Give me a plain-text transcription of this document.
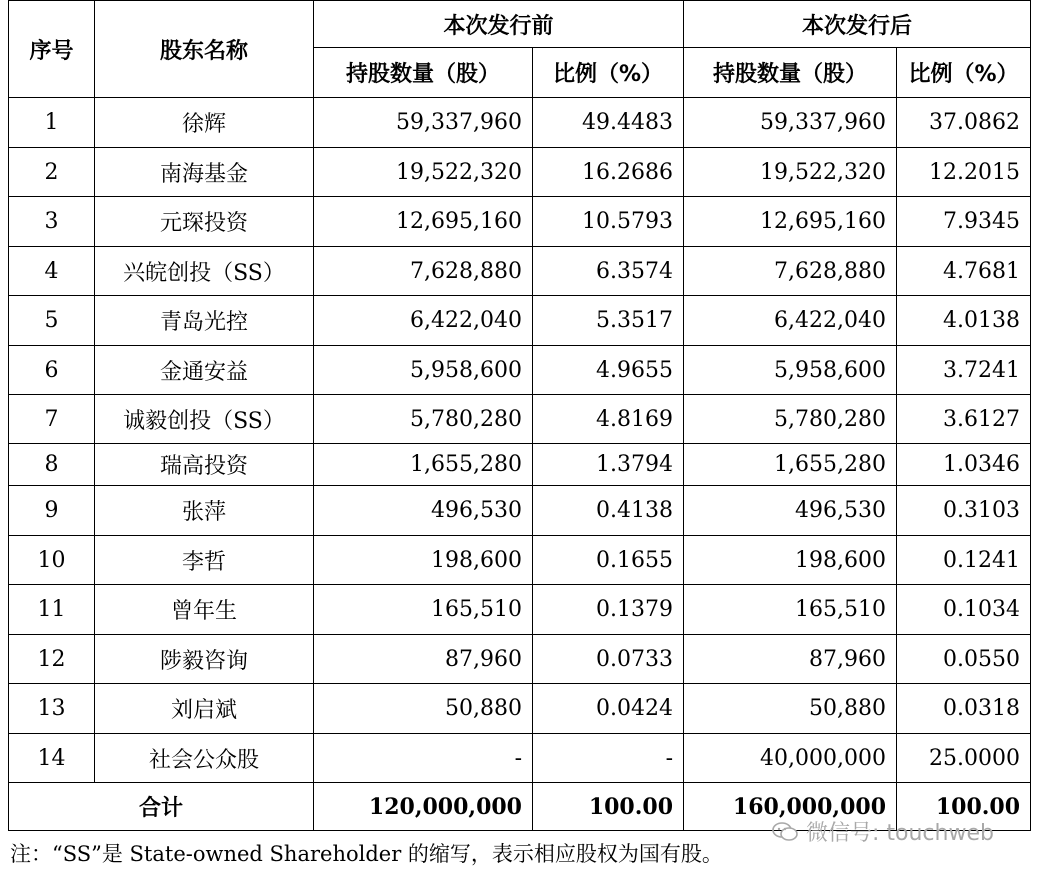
序号	股东名称	本次发行前		本次发行后	
		持股数量（股）	比例（%）	持股数量（股）	比例（%）
1	徐辉	59,337,960	49.4483	59,337,960	37.0862
2	南海基金	19,522,320	16.2686	19,522,320	12.2015
3	元琛投资	12,695,160	10.5793	12,695,160	7.9345
4	兴皖创投（SS）	7,628,880	6.3574	7,628,880	4.7681
5	青岛光控	6,422,040	5.3517	6,422,040	4.0138
6	金通安益	5,958,600	4.9655	5,958,600	3.7241
7	诚毅创投（SS）	5,780,280	4.8169	5,780,280	3.6127
8	瑞高投资	1,655,280	1.3794	1,655,280	1.0346
9	张萍	496,530	0.4138	496,530	0.3103
10	李哲	198,600	0.1655	198,600	0.1241
11	曾年生	165,510	0.1379	165,510	0.1034
12	陟毅咨询	87,960	0.0733	87,960	0.0550
13	刘启斌	50,880	0.0424	50,880	0.0318
14	社会公众股	-	-	40,000,000	25.0000
合计		120,000,000	100.00	160,000,000	100.00
注：“SS”是 State-owned Shareholder 的缩写，表示相应股权为国有股。
微信号: touchweb
